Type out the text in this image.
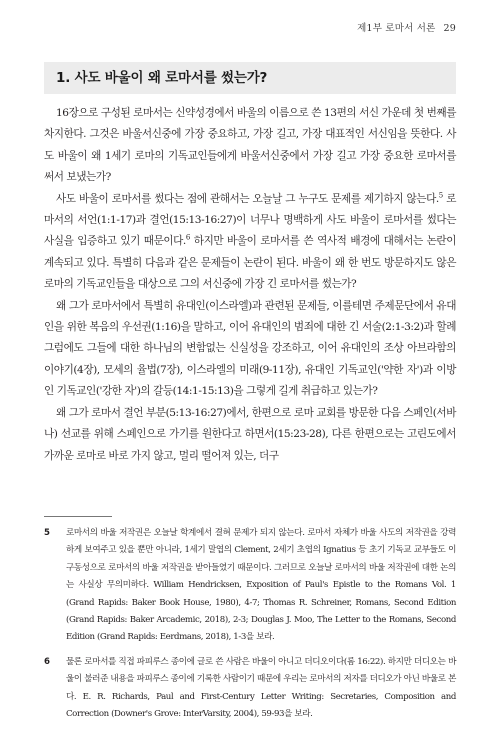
제1부 로마서 서론 29
1. 사도 바울이 왜 로마서를 썼는가?

16장으로 구성된 로마서는 신약성경에서 바울의 이름으로 쓴 13편의 서신 가운데 첫 번째를 차지한다. 그것은 바울서신중에 가장 중요하고, 가장 길고, 가장 대표적인 서신임을 뜻한다. 사도 바울이 왜 1세기 로마의 기독교인들에게 바울서신중에서 가장 길고 가장 중요한 로마서를 써서 보냈는가?

사도 바울이 로마서를 썼다는 점에 관해서는 오늘날 그 누구도 문제를 제기하지 않는다.$^5$ 로마서의 서언(1:1-17)과 결언(15:13-16:27)이 너무나 명백하게 사도 바울이 로마서를 썼다는 사실을 입증하고 있기 때문이다.$^6$ 하지만 바울이 로마서를 쓴 역사적 배경에 대해서는 논란이 계속되고 있다. 특별히 다음과 같은 문제들이 논란이 된다. 바울이 왜 한 번도 방문하지도 않은 로마의 기독교인들을 대상으로 그의 서신중에 가장 긴 로마서를 썼는가?

왜 그가 로마서에서 특별히 유대인(이스라엘)과 관련된 문제들, 이를테면 주제문단에서 유대인을 위한 복음의 우선권(1:16)을 말하고, 이어 유대인의 범죄에 대한 긴 서술(2:1-3:2)과 할례 그럼에도 그들에 대한 하나님의 변함없는 신실성을 강조하고, 이어 유대인의 조상 아브라함의 이야기(4장), 모세의 율법(7장), 이스라엘의 미래(9-11장), 유대인 기독교인('약한 자')과 이방인 기독교인('강한 자')의 갈등(14:1-15:13)을 그렇게 길게 취급하고 있는가?

왜 그가 로마서 결언 부분(5:13-16:27)에서, 한편으로 로마 교회를 방문한 다음 스페인(서바나) 선교를 위해 스페인으로 가기를 원한다고 하면서(15:23-28), 다른 한편으로는 고린도에서 가까운 로마로 바로 가지 않고, 멀리 떨어져 있는, 더구

5	로마서의 바울 저작권은 오늘날 학계에서 결혀 문제가 되지 않는다. 로마서 자체가 바울 사도의 저작권을 강력하게 보여주고 있을 뿐만 아니라, 1세기 말엽의 Clement, 2세기 초엽의 Ignatius 등 초기 기독교 교부들도 이구동성으로 로마서의 바울 저작권을 받아들였기 때문이다. 그러므로 오늘날 로마서의 바울 저작권에 대한 논의는 사실상 무의미하다. William Hendricksen, Exposition of Paul's Epistle to the Romans Vol. 1 (Grand Rapids: Baker Book House, 1980), 4-7; Thomas R. Schreiner, Romans, Second Edition (Grand Rapids: Baker Arcademic, 2018), 2-3; Douglas J. Moo, The Letter to the Romans, Second Edition (Grand Rapids: Eerdmans, 2018), 1-3을 보라.
6	물론 로마서를 직접 파피루스 종이에 글로 쓴 사람은 바울이 아니고 더디오이다(롬 16:22). 하지만 더디오는 바울이 불러준 내용을 파피루스 종이에 기록한 사람이기 때문에 우리는 로마서의 저자를 더디오가 아닌 바울로 본다. E. R. Richards, Paul and First-Century Letter Writing: Secretaries, Composition and Correction (Downer's Grove: InterVarsity, 2004), 59-93을 보라.
